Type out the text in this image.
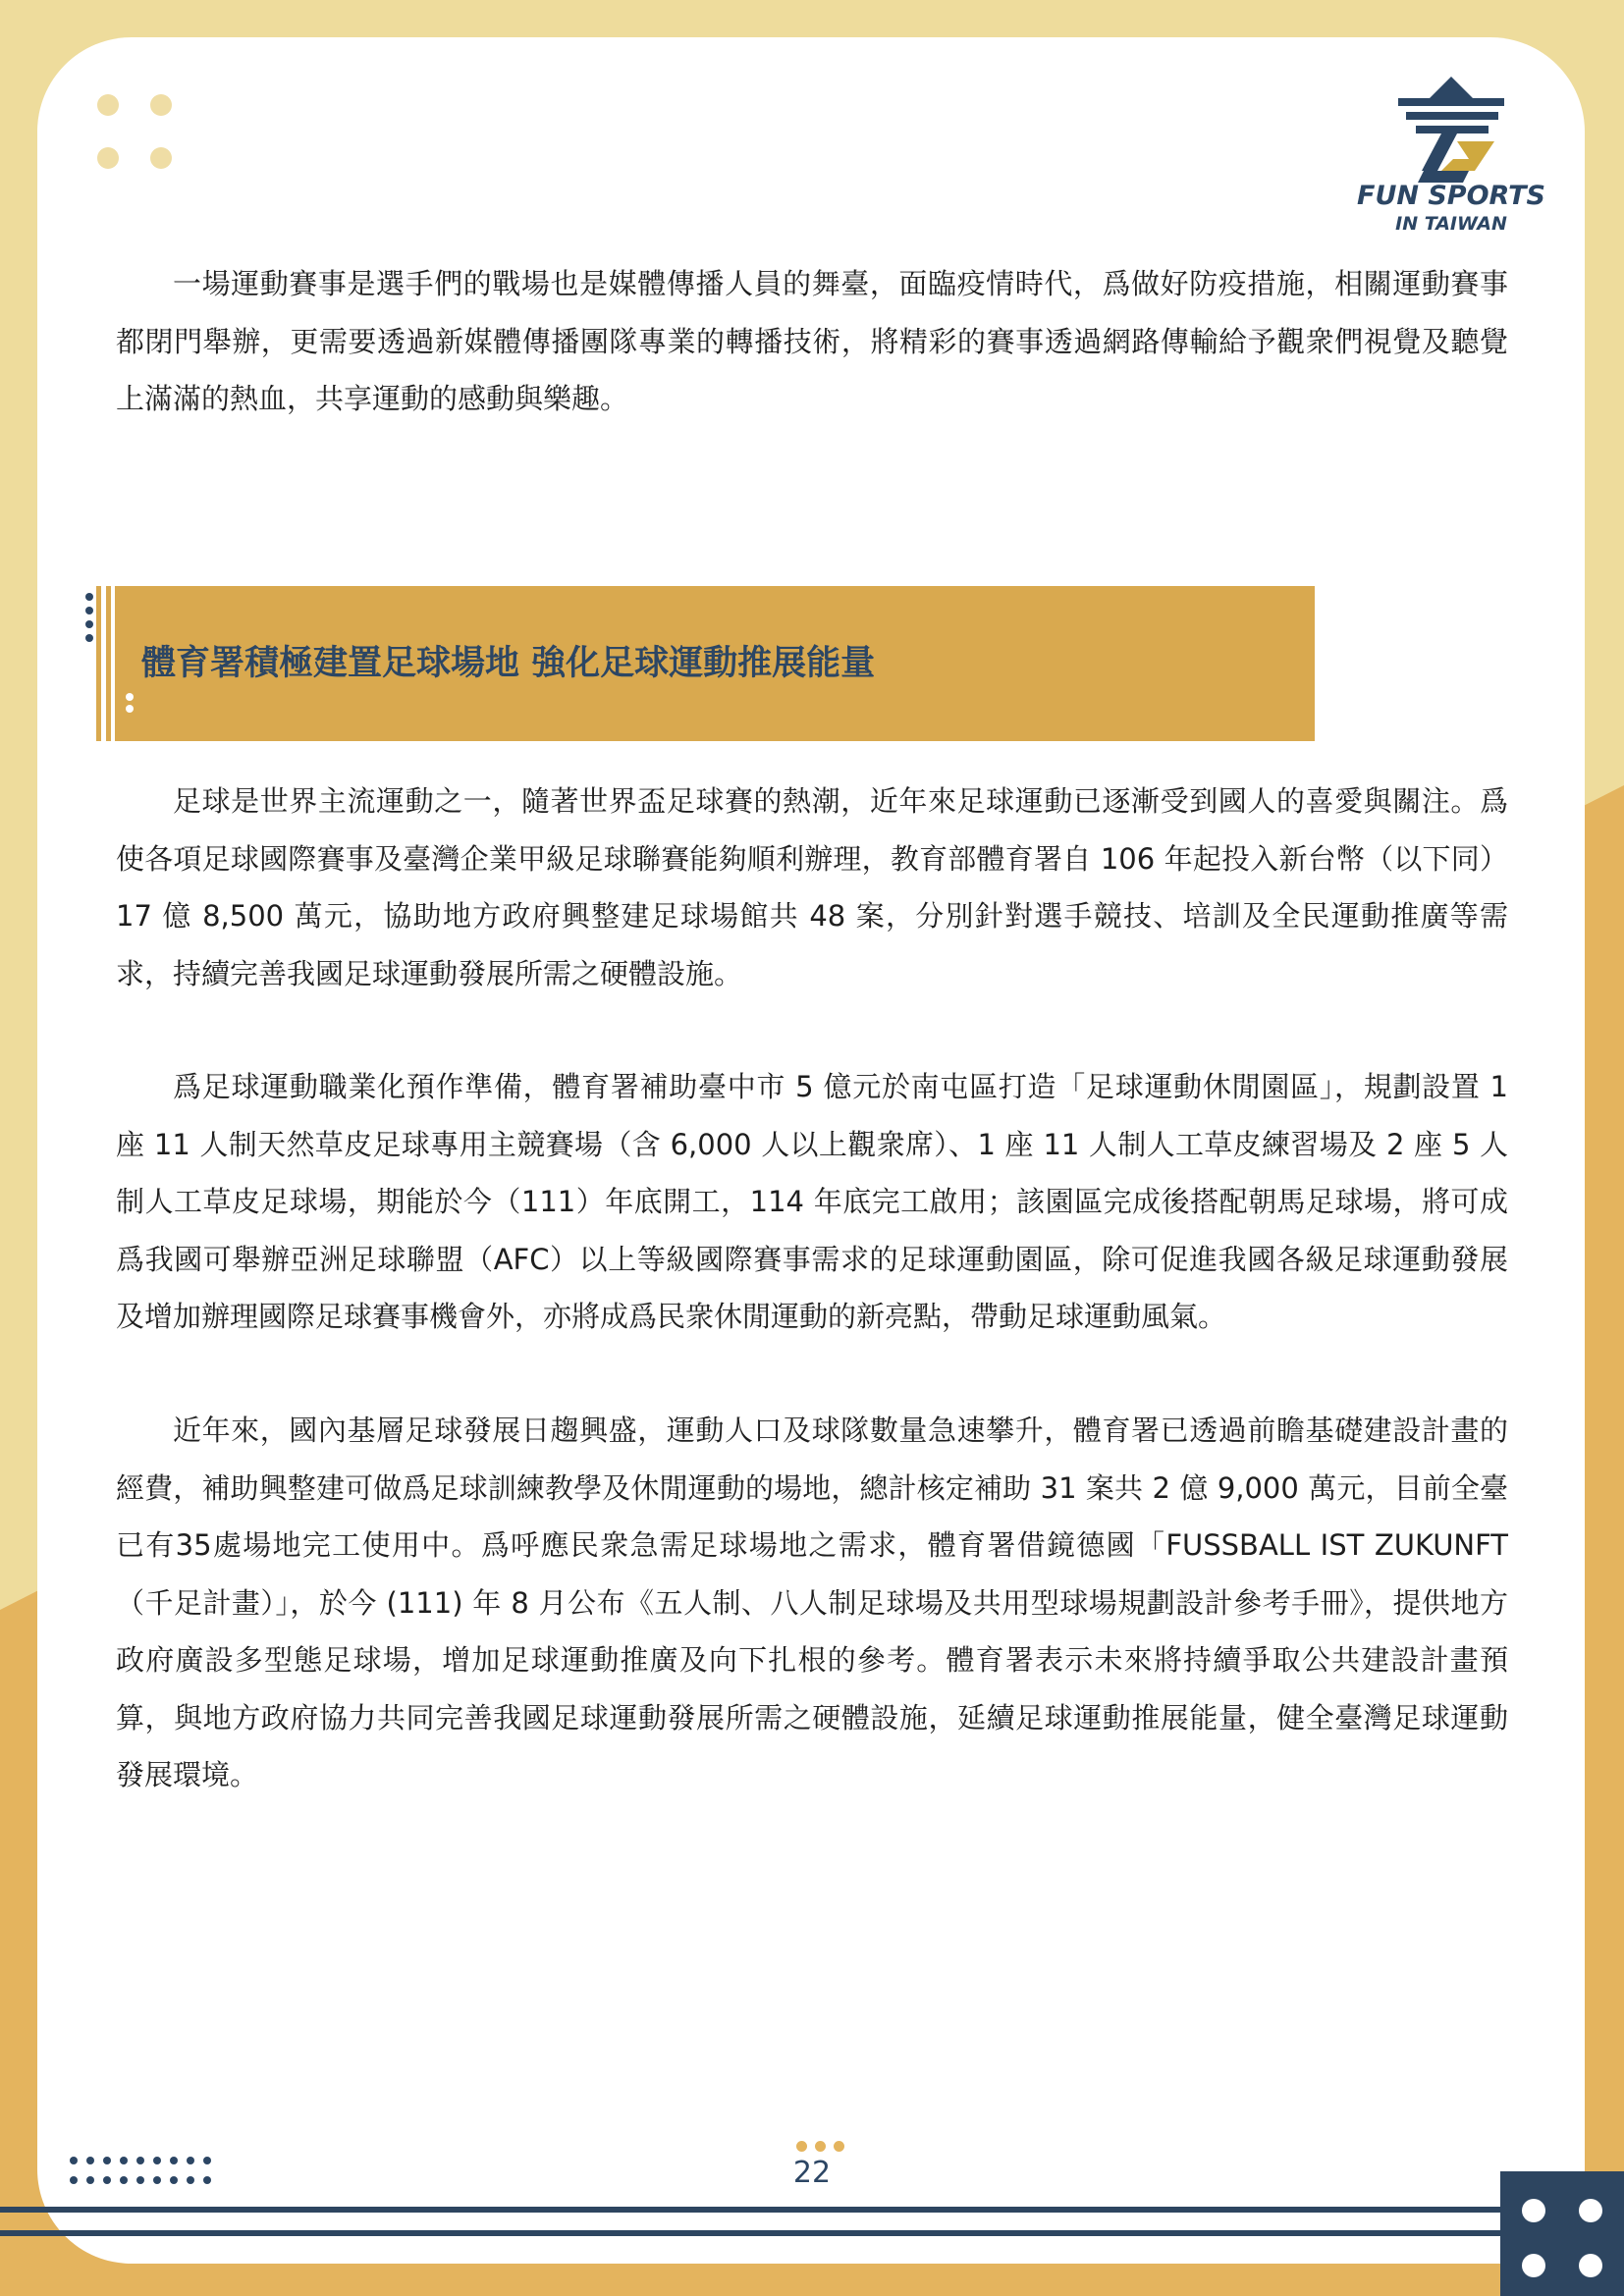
FUN SPORTS
IN TAIWAN

一場運動賽事是選手們的戰場也是媒體傳播人員的舞臺，面臨疫情時代，爲做好防疫措施，相關運動賽事都閉門舉辦，更需要透過新媒體傳播團隊專業的轉播技術，將精彩的賽事透過網路傳輸給予觀衆們視覺及聽覺上滿滿的熱血，共享運動的感動與樂趣。

體育署積極建置足球場地 強化足球運動推展能量

足球是世界主流運動之一，隨著世界盃足球賽的熱潮，近年來足球運動已逐漸受到國人的喜愛與關注。爲使各項足球國際賽事及臺灣企業甲級足球聯賽能夠順利辦理，教育部體育署自 106 年起投入新台幣（以下同）17 億 8,500 萬元，協助地方政府興整建足球場館共 48 案，分別針對選手競技、培訓及全民運動推廣等需求，持續完善我國足球運動發展所需之硬體設施。

爲足球運動職業化預作準備，體育署補助臺中市 5 億元於南屯區打造「足球運動休閒園區」，規劃設置 1 座 11 人制天然草皮足球專用主競賽場（含 6,000 人以上觀衆席）、1 座 11 人制人工草皮練習場及 2 座 5 人制人工草皮足球場，期能於今（111）年底開工，114 年底完工啟用；該園區完成後搭配朝馬足球場，將可成爲我國可舉辦亞洲足球聯盟（AFC）以上等級國際賽事需求的足球運動園區，除可促進我國各級足球運動發展及增加辦理國際足球賽事機會外，亦將成爲民衆休閒運動的新亮點，帶動足球運動風氣。

近年來，國內基層足球發展日趨興盛，運動人口及球隊數量急速攀升，體育署已透過前瞻基礎建設計畫的經費，補助興整建可做爲足球訓練教學及休閒運動的場地，總計核定補助 31 案共 2 億 9,000 萬元，目前全臺已有35處場地完工使用中。爲呼應民衆急需足球場地之需求，體育署借鏡德國「FUSSBALL IST ZUKUNFT（千足計畫）」，於今 (111) 年 8 月公布《五人制、八人制足球場及共用型球場規劃設計參考手冊》，提供地方政府廣設多型態足球場，增加足球運動推廣及向下扎根的參考。體育署表示未來將持續爭取公共建設計畫預算，與地方政府協力共同完善我國足球運動發展所需之硬體設施，延續足球運動推展能量，健全臺灣足球運動發展環境。

22
